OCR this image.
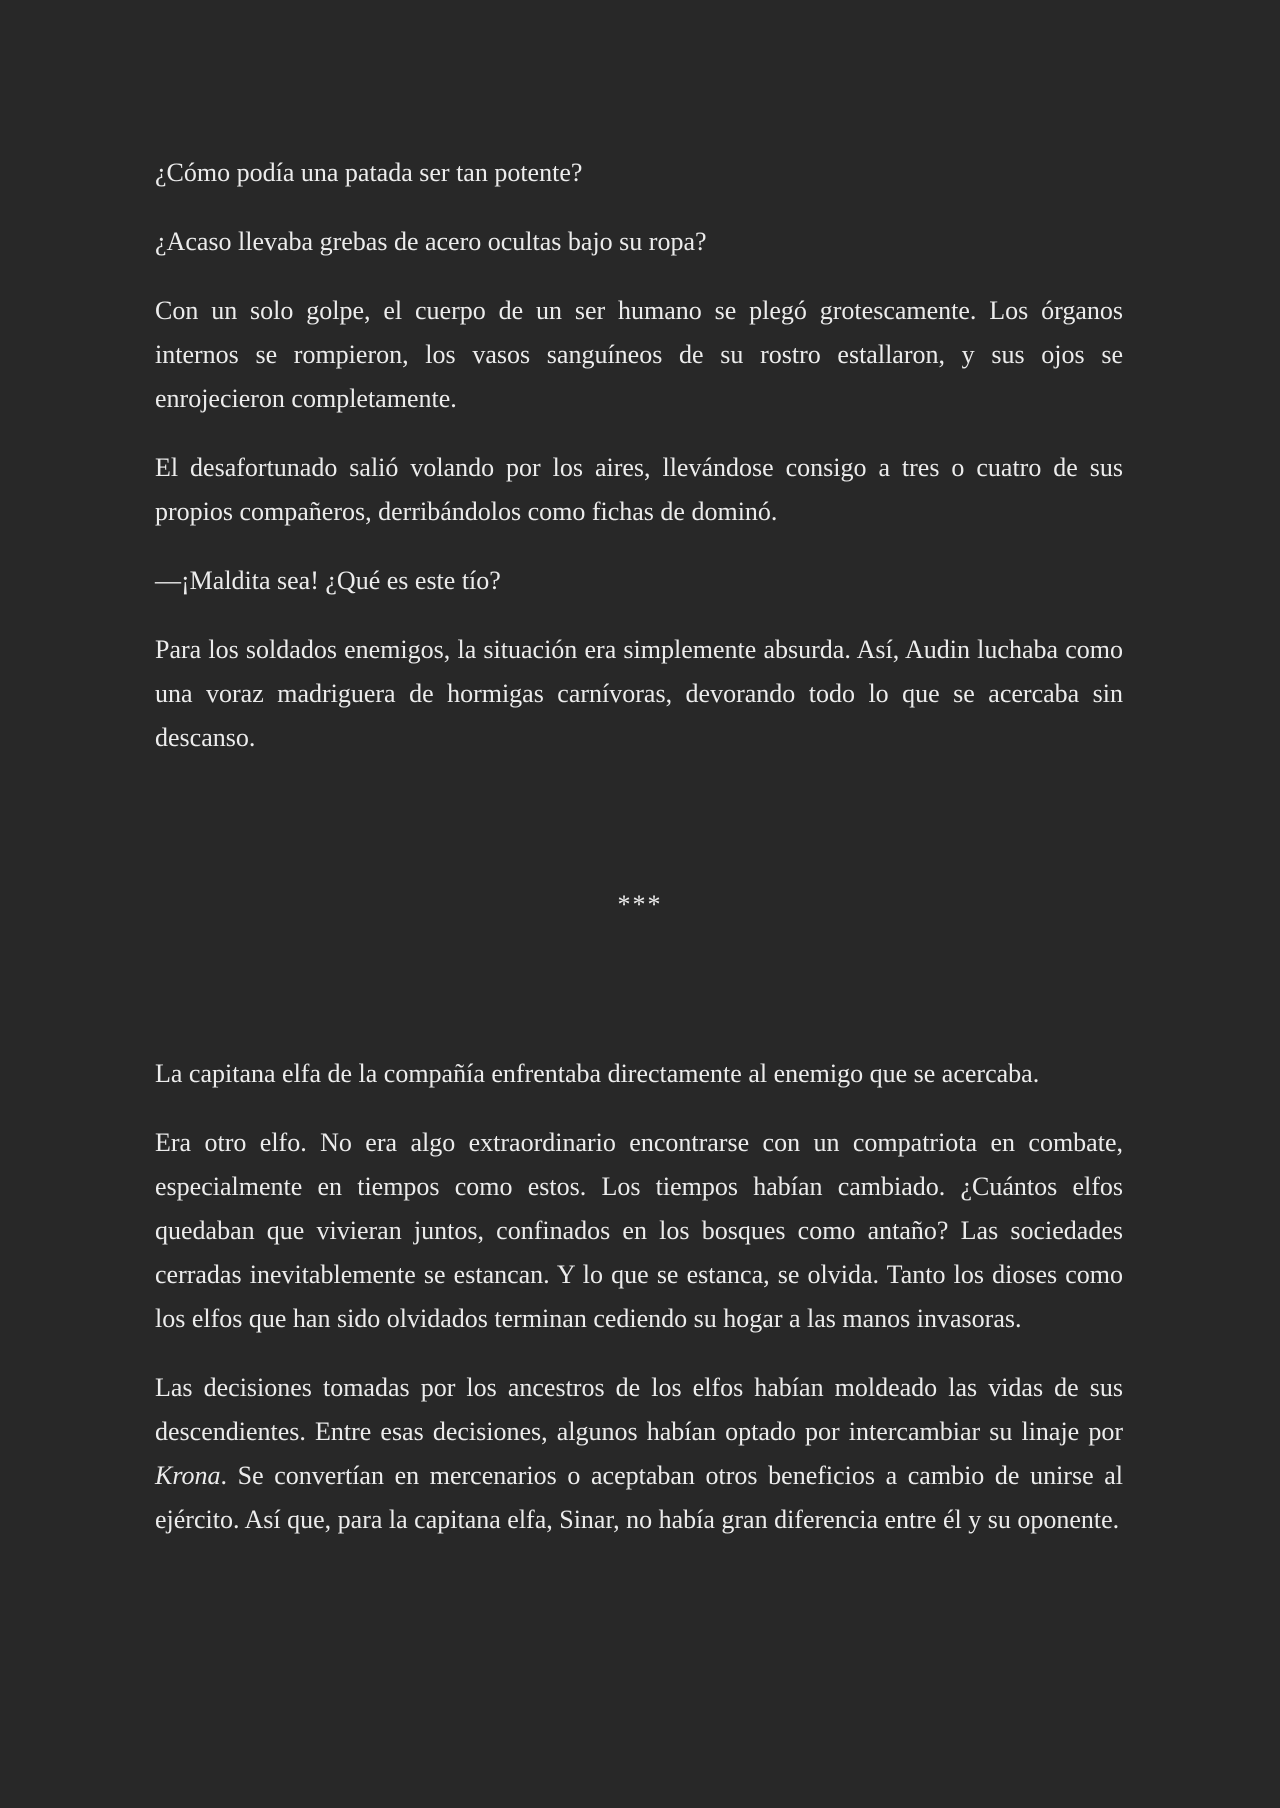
¿Cómo podía una patada ser tan potente?

¿Acaso llevaba grebas de acero ocultas bajo su ropa?

Con un solo golpe, el cuerpo de un ser humano se plegó grotescamente. Los órganos internos se rompieron, los vasos sanguíneos de su rostro estallaron, y sus ojos se enrojecieron completamente.

El desafortunado salió volando por los aires, llevándose consigo a tres o cuatro de sus propios compañeros, derribándolos como fichas de dominó.

—¡Maldita sea! ¿Qué es este tío?

Para los soldados enemigos, la situación era simplemente absurda. Así, Audin luchaba como una voraz madriguera de hormigas carnívoras, devorando todo lo que se acercaba sin descanso.

***

La capitana elfa de la compañía enfrentaba directamente al enemigo que se acercaba.

Era otro elfo. No era algo extraordinario encontrarse con un compatriota en combate, especialmente en tiempos como estos. Los tiempos habían cambiado. ¿Cuántos elfos quedaban que vivieran juntos, confinados en los bosques como antaño? Las sociedades cerradas inevitablemente se estancan. Y lo que se estanca, se olvida. Tanto los dioses como los elfos que han sido olvidados terminan cediendo su hogar a las manos invasoras.

Las decisiones tomadas por los ancestros de los elfos habían moldeado las vidas de sus descendientes. Entre esas decisiones, algunos habían optado por intercambiar su linaje por Krona. Se convertían en mercenarios o aceptaban otros beneficios a cambio de unirse al ejército. Así que, para la capitana elfa, Sinar, no había gran diferencia entre él y su oponente.
